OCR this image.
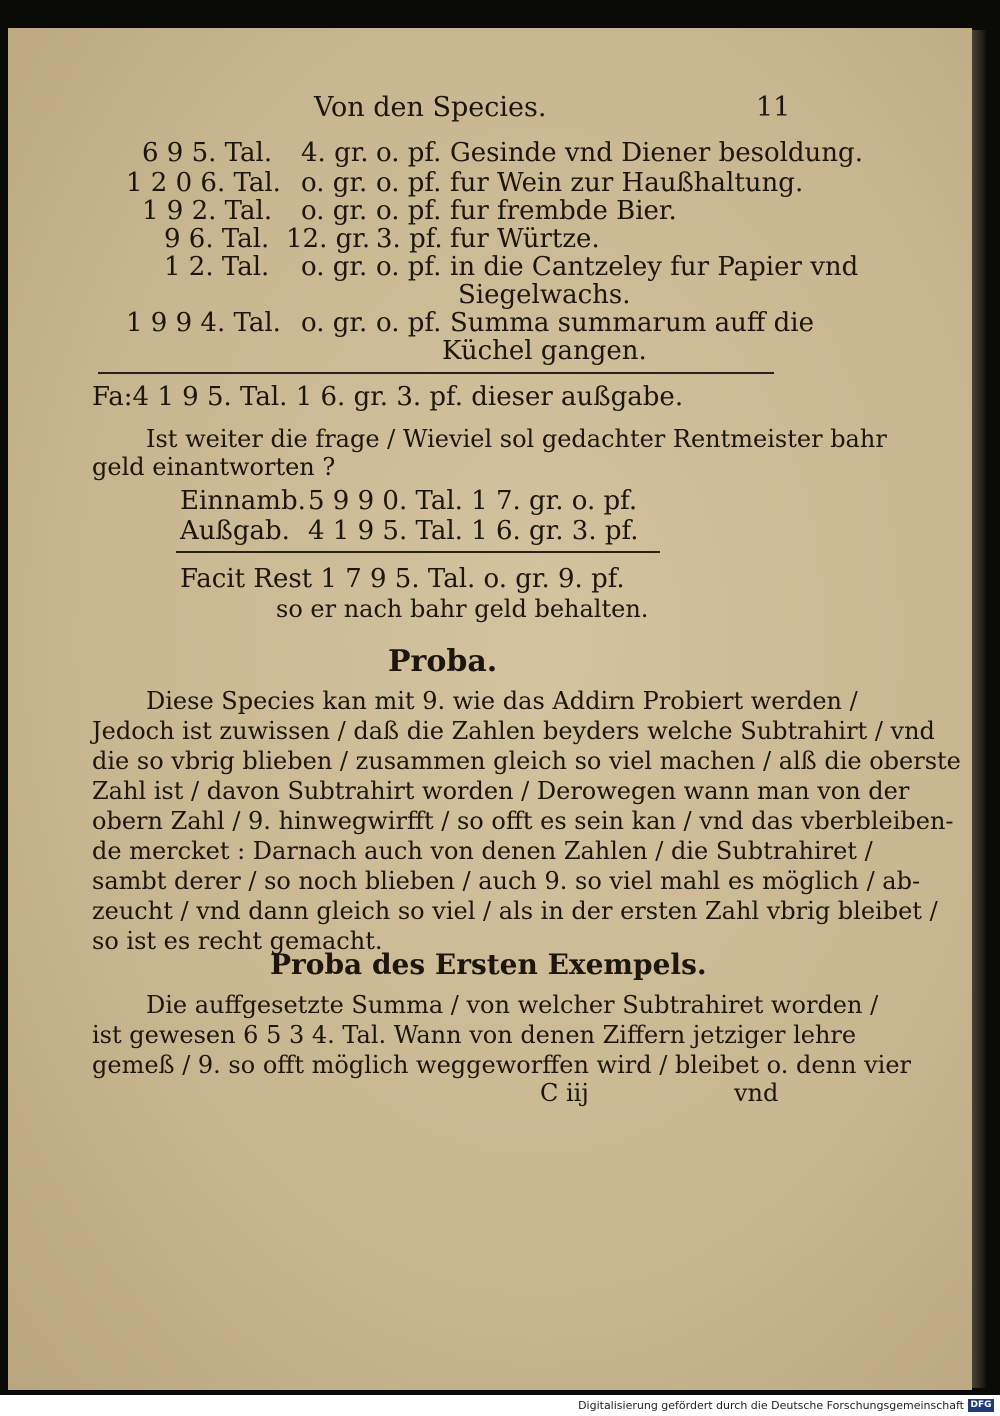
Von den Species.	11
6 9 5. Tal. 4. gr. o. pf. Gesinde vnd Diener besoldung.
1 2 0 6. Tal. o. gr. o. pf. fur Wein zur Haußhaltung.
1 9 2. Tal. o. gr. o. pf. fur frembde Bier.
9 6. Tal. 12. gr. 3. pf. fur Würtze.
1 2. Tal. o. gr. o. pf. in die Cantzeley fur Papier vnd
Siegelwachs.
1 9 9 4. Tal. o. gr. o. pf. Summa summarum auff die
Küchel gangen.
Fa:4 1 9 5. Tal. 1 6. gr. 3. pf. dieser außgabe.
Ist weiter die frage / Wieviel sol gedachter Rentmeister bahr
geld einantworten ?
Einnamb. 5 9 9 0. Tal. 1 7. gr. o. pf.
Außgab. 4 1 9 5. Tal. 1 6. gr. 3. pf.
Facit Rest 1 7 9 5. Tal. o. gr. 9. pf.
so er nach bahr geld behalten.
Proba.
Diese Species kan mit 9. wie das Addirn Probiert werden /
Jedoch ist zuwissen / daß die Zahlen beyders welche Subtrahirt / vnd
die so vbrig blieben / zusammen gleich so viel machen / alß die oberste
Zahl ist / davon Subtrahirt worden / Derowegen wann man von der
obern Zahl / 9. hinwegwirfft / so offt es sein kan / vnd das vberbleiben-
de mercket : Darnach auch von denen Zahlen / die Subtrahiret /
sambt derer / so noch blieben / auch 9. so viel mahl es möglich / ab-
zeucht / vnd dann gleich so viel / als in der ersten Zahl vbrig bleibet /
so ist es recht gemacht.
Proba des Ersten Exempels.
Die auffgesetzte Summa / von welcher Subtrahiret worden /
ist gewesen 6 5 3 4. Tal. Wann von denen Ziffern jetziger lehre
gemeß / 9. so offt möglich weggeworffen wird / bleibet o. denn vier
C iij	vnd
Digitalisierung gefördert durch die Deutsche Forschungsgemeinschaft DFG
